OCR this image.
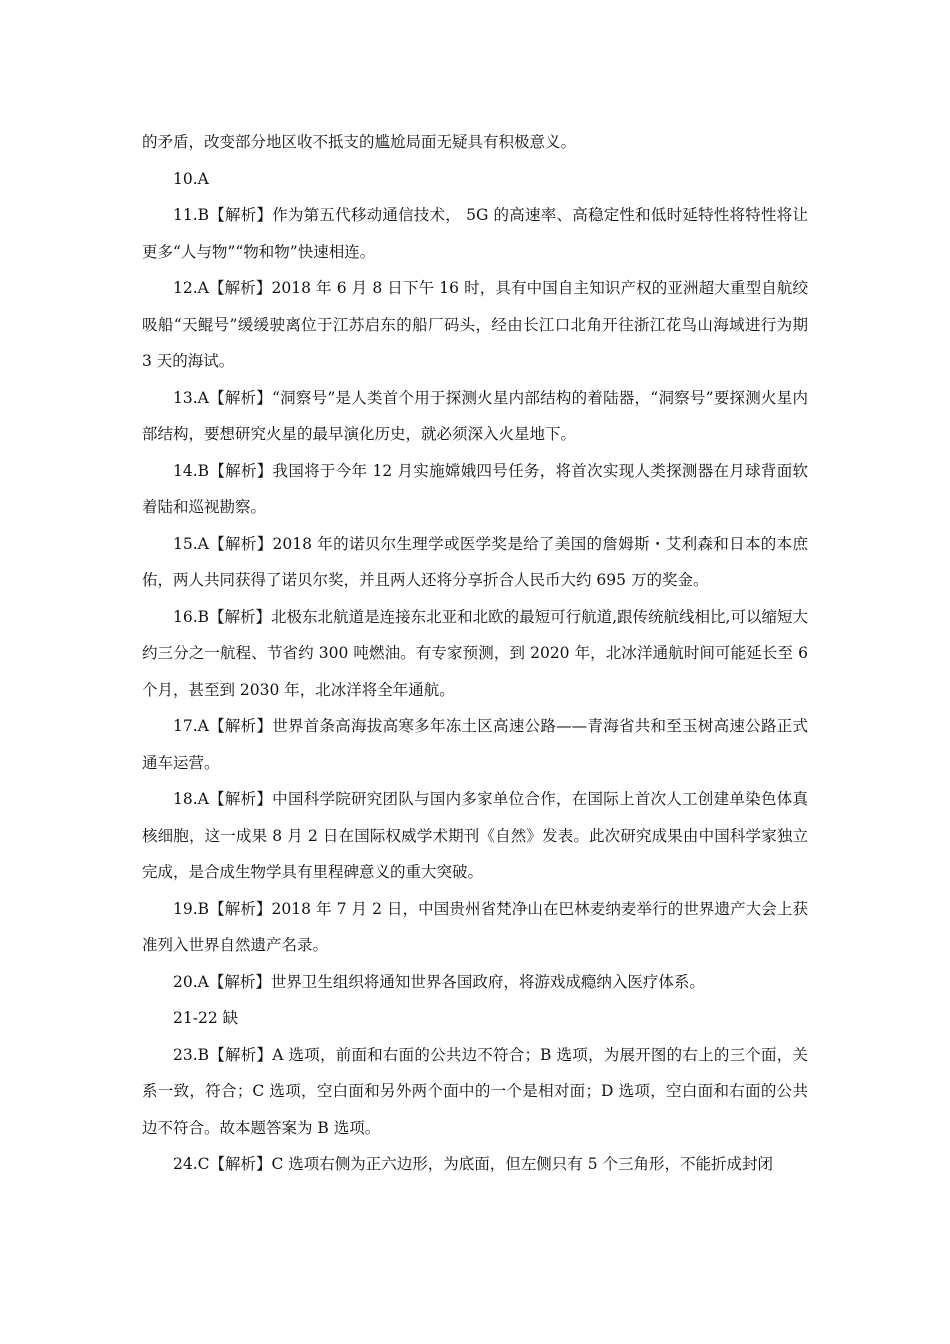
的矛盾，改变部分地区收不抵支的尴尬局面无疑具有积极意义。

10.A

11.B【解析】作为第五代移动通信技术， 5G 的高速率、高稳定性和低时延特性将特性将让更多“人与物”“物和物”快速相连。

12.A【解析】2018 年 6 月 8 日下午 16 时，具有中国自主知识产权的亚洲超大重型自航绞吸船“天鲲号”缓缓驶离位于江苏启东的船厂码头，经由长江口北角开往浙江花鸟山海域进行为期 3 天的海试。

13.A【解析】“洞察号”是人类首个用于探测火星内部结构的着陆器，“洞察号”要探测火星内部结构，要想研究火星的最早演化历史，就必须深入火星地下。

14.B【解析】我国将于今年 12 月实施嫦娥四号任务，将首次实现人类探测器在月球背面软着陆和巡视勘察。

15.A【解析】2018 年的诺贝尔生理学或医学奖是给了美国的詹姆斯・艾利森和日本的本庶佑，两人共同获得了诺贝尔奖，并且两人还将分享折合人民币大约 695 万的奖金。

16.B【解析】北极东北航道是连接东北亚和北欧的最短可行航道,跟传统航线相比,可以缩短大约三分之一航程、节省约 300 吨燃油。有专家预测，到 2020 年，北冰洋通航时间可能延长至 6 个月，甚至到 2030 年，北冰洋将全年通航。

17.A【解析】世界首条高海拔高寒多年冻土区高速公路——青海省共和至玉树高速公路正式通车运营。

18.A【解析】中国科学院研究团队与国内多家单位合作，在国际上首次人工创建单染色体真核细胞，这一成果 8 月 2 日在国际权威学术期刊《自然》发表。此次研究成果由中国科学家独立完成，是合成生物学具有里程碑意义的重大突破。

19.B【解析】2018 年 7 月 2 日，中国贵州省梵净山在巴林麦纳麦举行的世界遗产大会上获准列入世界自然遗产名录。

20.A【解析】世界卫生组织将通知世界各国政府，将游戏成瘾纳入医疗体系。

21-22 缺

23.B【解析】A 选项，前面和右面的公共边不符合；B 选项，为展开图的右上的三个面，关系一致，符合；C 选项，空白面和另外两个面中的一个是相对面；D 选项，空白面和右面的公共边不符合。故本题答案为 B 选项。

24.C【解析】C 选项右侧为正六边形，为底面，但左侧只有 5 个三角形，不能折成封闭
